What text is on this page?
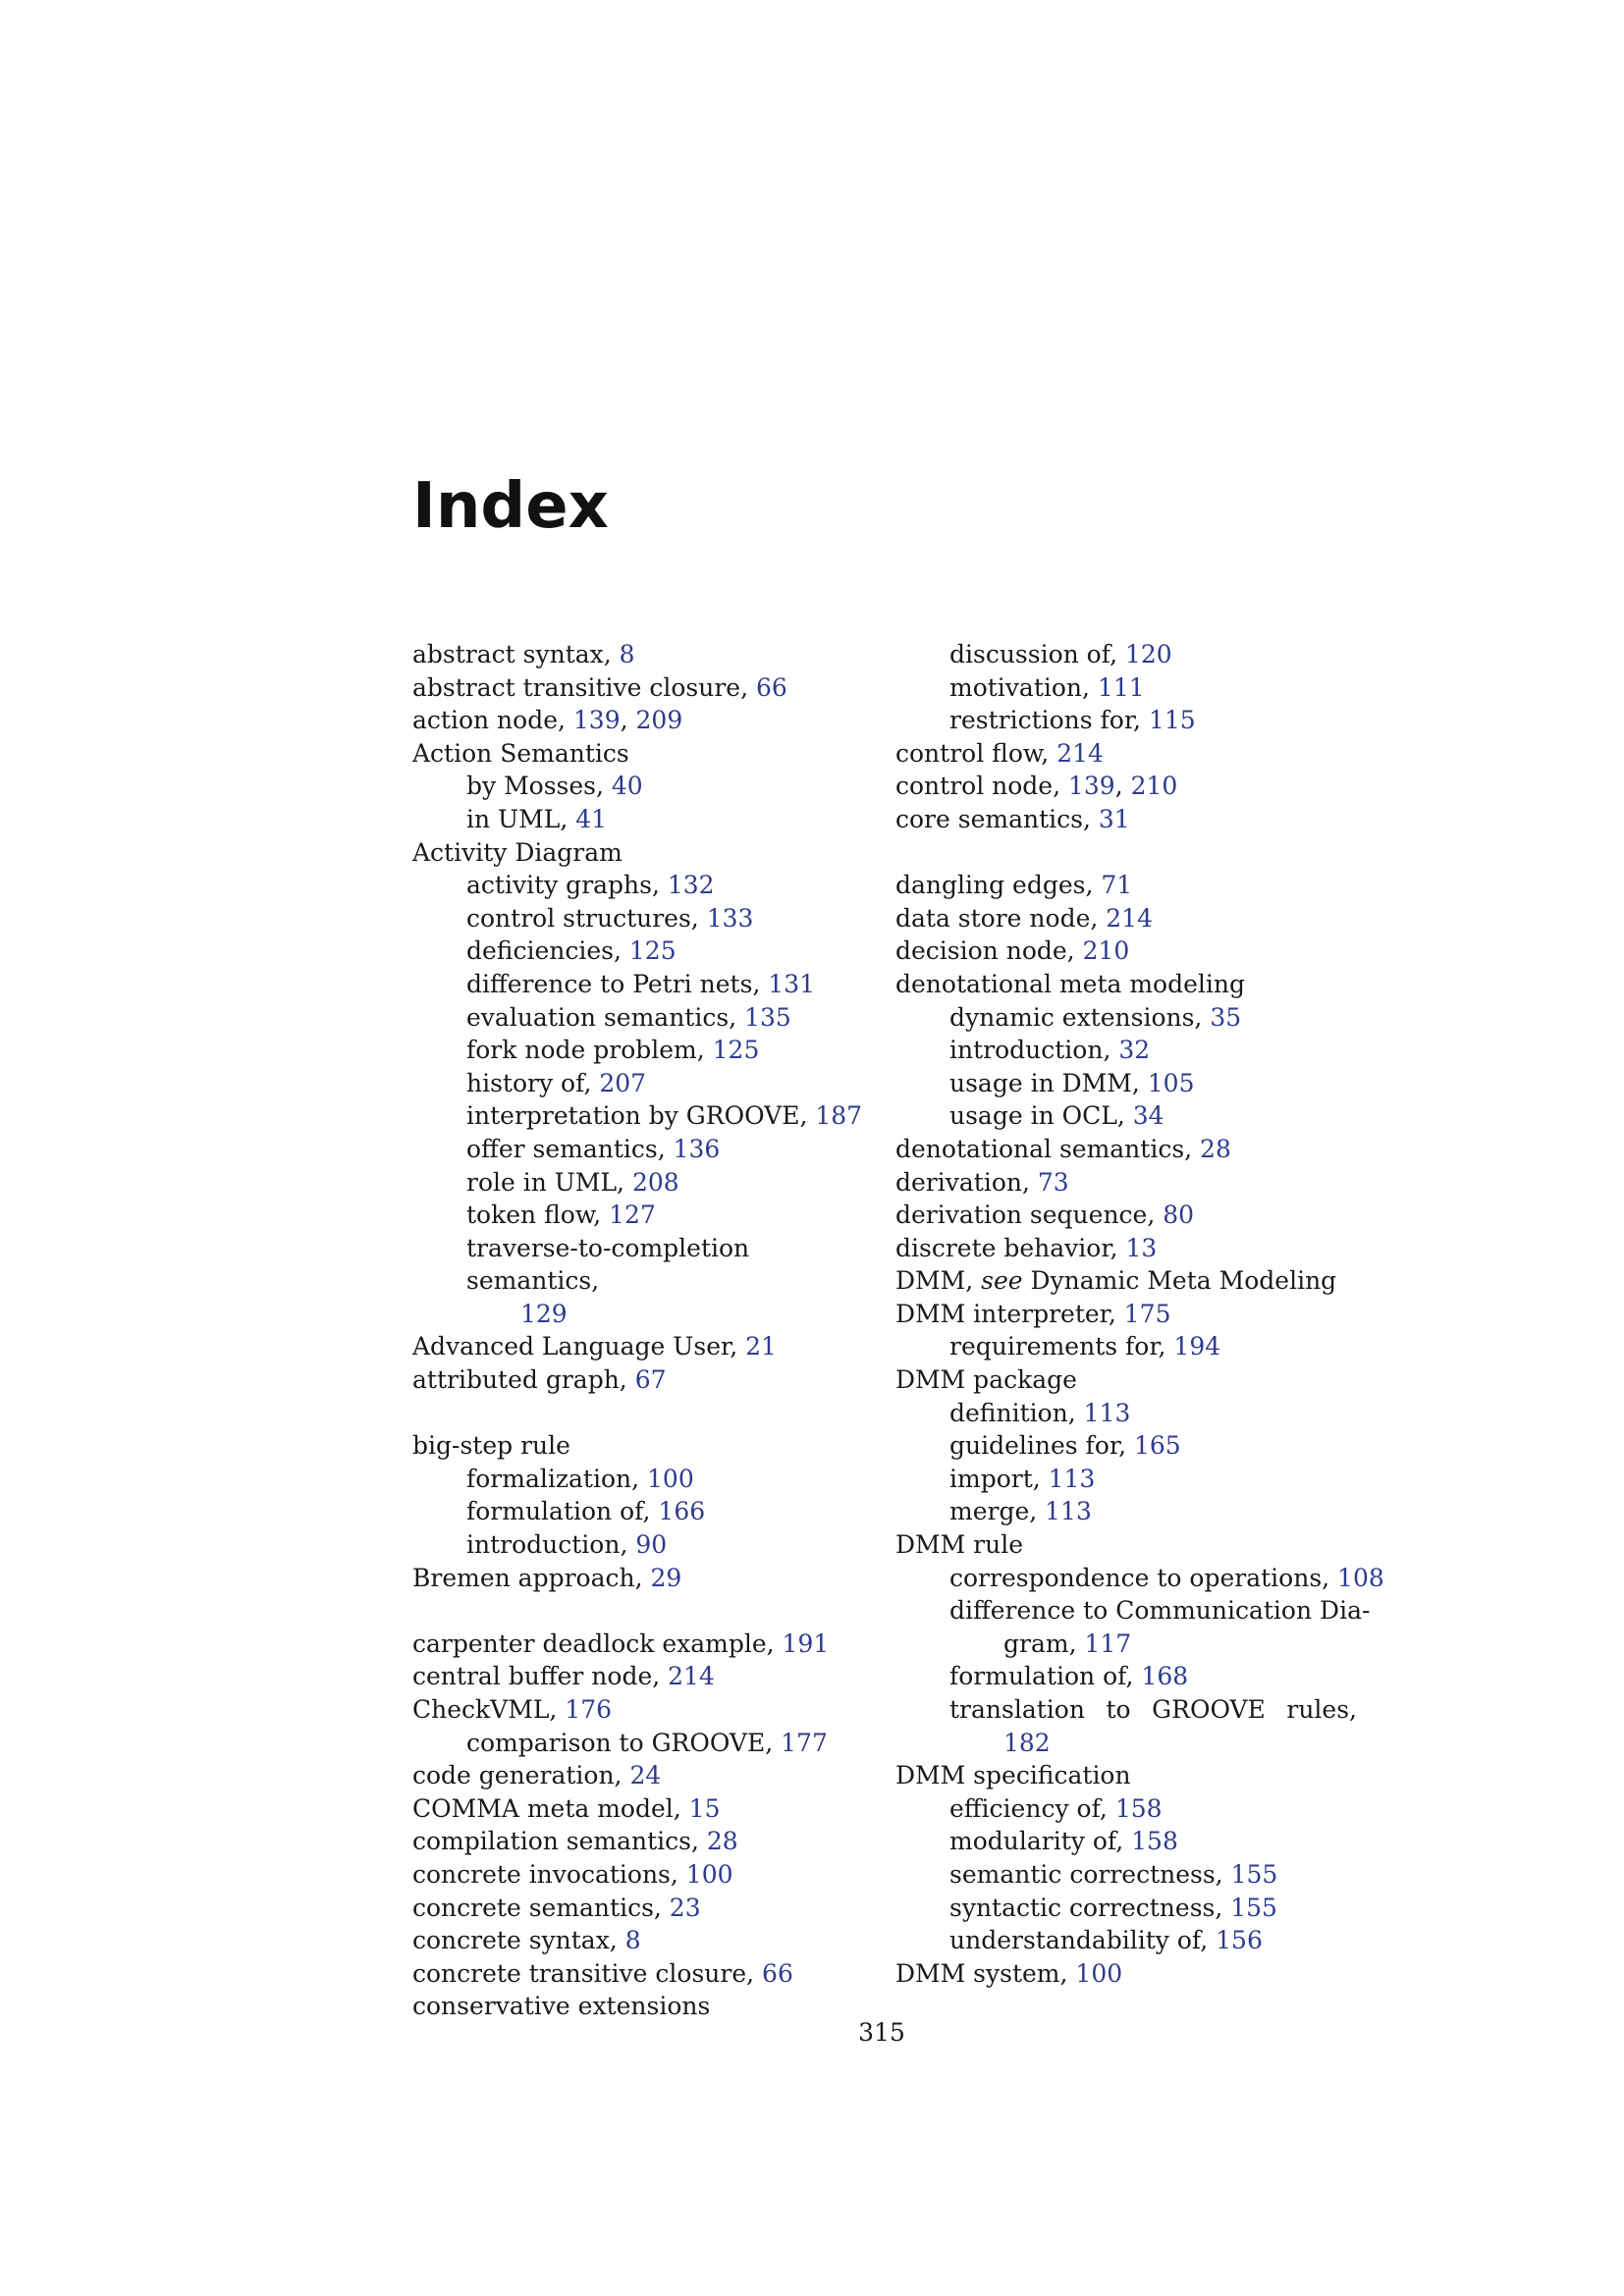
Index
abstract syntax, 8
abstract transitive closure, 66
action node, 139, 209
Action Semantics
by Mosses, 40
in UML, 41
Activity Diagram
activity graphs, 132
control structures, 133
deficiencies, 125
difference to Petri nets, 131
evaluation semantics, 135
fork node problem, 125
history of, 207
interpretation by GROOVE, 187
offer semantics, 136
role in UML, 208
token flow, 127
traverse-to-completion semantics,
129
Advanced Language User, 21
attributed graph, 67
big-step rule
formalization, 100
formulation of, 166
introduction, 90
Bremen approach, 29
carpenter deadlock example, 191
central buffer node, 214
CheckVML, 176
comparison to GROOVE, 177
code generation, 24
COMMA meta model, 15
compilation semantics, 28
concrete invocations, 100
concrete semantics, 23
concrete syntax, 8
concrete transitive closure, 66
conservative extensions
discussion of, 120
motivation, 111
restrictions for, 115
control flow, 214
control node, 139, 210
core semantics, 31
dangling edges, 71
data store node, 214
decision node, 210
denotational meta modeling
dynamic extensions, 35
introduction, 32
usage in DMM, 105
usage in OCL, 34
denotational semantics, 28
derivation, 73
derivation sequence, 80
discrete behavior, 13
DMM, see Dynamic Meta Modeling
DMM interpreter, 175
requirements for, 194
DMM package
definition, 113
guidelines for, 165
import, 113
merge, 113
DMM rule
correspondence to operations, 108
difference to Communication Dia-
gram, 117
formulation of, 168
translation to GROOVE rules,
182
DMM specification
efficiency of, 158
modularity of, 158
semantic correctness, 155
syntactic correctness, 155
understandability of, 156
DMM system, 100
315
